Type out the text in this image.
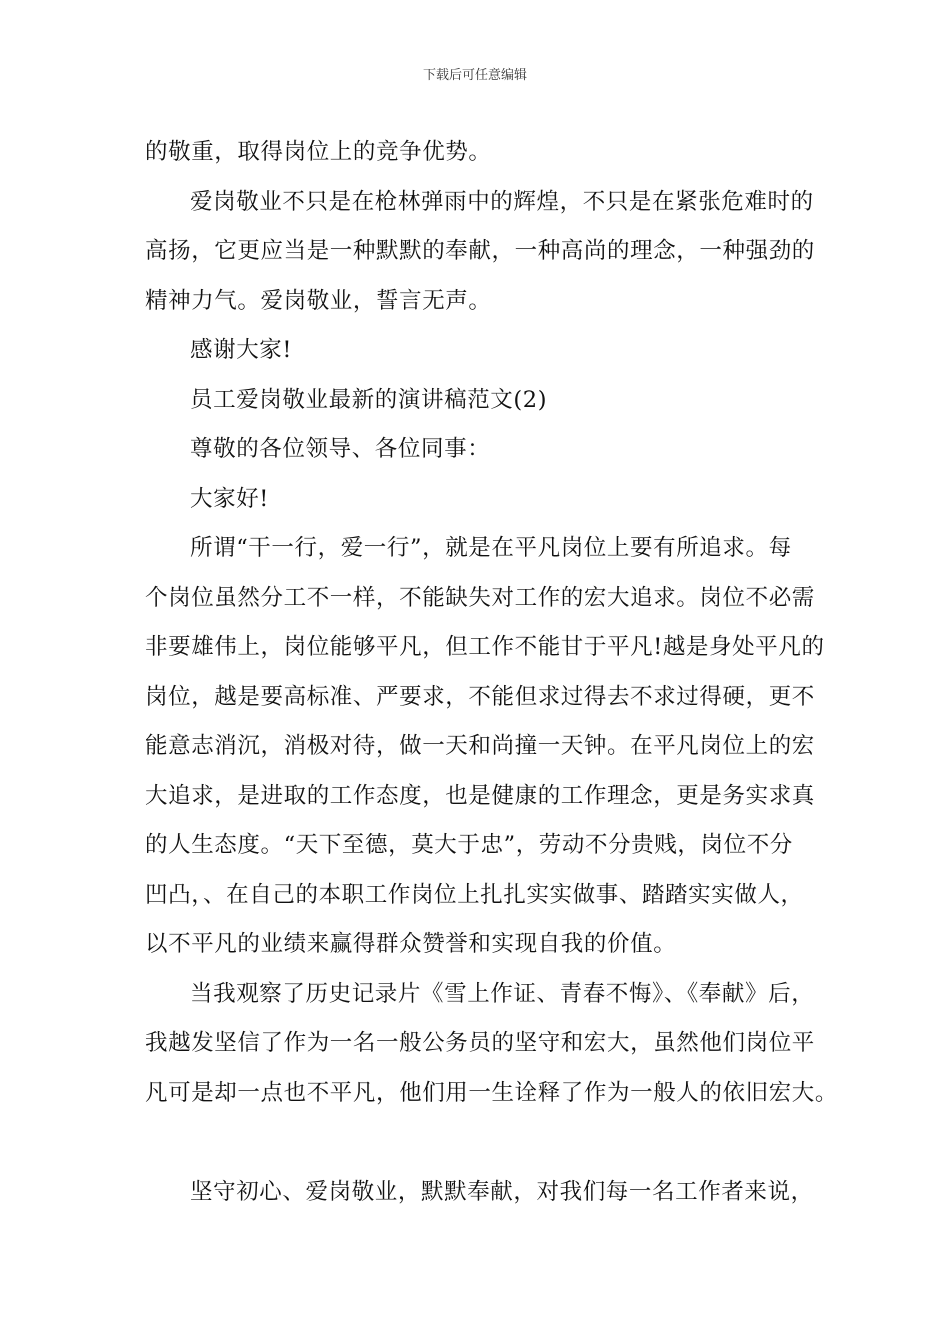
下载后可任意编辑
的敬重，取得岗位上的竞争优势。
爱岗敬业不只是在枪林弹雨中的辉煌，不只是在紧张危难时的
高扬，它更应当是一种默默的奉献，一种高尚的理念，一种强劲的
精神力气。爱岗敬业，誓言无声。
感谢大家!
员工爱岗敬业最新的演讲稿范文(2)
尊敬的各位领导、各位同事：
大家好!
所谓“干一行，爱一行”，就是在平凡岗位上要有所追求。每
个岗位虽然分工不一样，不能缺失对工作的宏大追求。岗位不必需
非要雄伟上，岗位能够平凡，但工作不能甘于平凡!越是身处平凡的
岗位，越是要高标准、严要求，不能但求过得去不求过得硬，更不
能意志消沉，消极对待，做一天和尚撞一天钟。在平凡岗位上的宏
大追求，是进取的工作态度，也是健康的工作理念，更是务实求真
的人生态度。“天下至德，莫大于忠”，劳动不分贵贱，岗位不分
凹凸，、在自己的本职工作岗位上扎扎实实做事、踏踏实实做人，
以不平凡的业绩来赢得群众赞誉和实现自我的价值。
当我观察了历史记录片《雪上作证、青春不悔》、《奉献》后，
我越发坚信了作为一名一般公务员的坚守和宏大，虽然他们岗位平
凡可是却一点也不平凡，他们用一生诠释了作为一般人的依旧宏大。
坚守初心、爱岗敬业，默默奉献，对我们每一名工作者来说，
